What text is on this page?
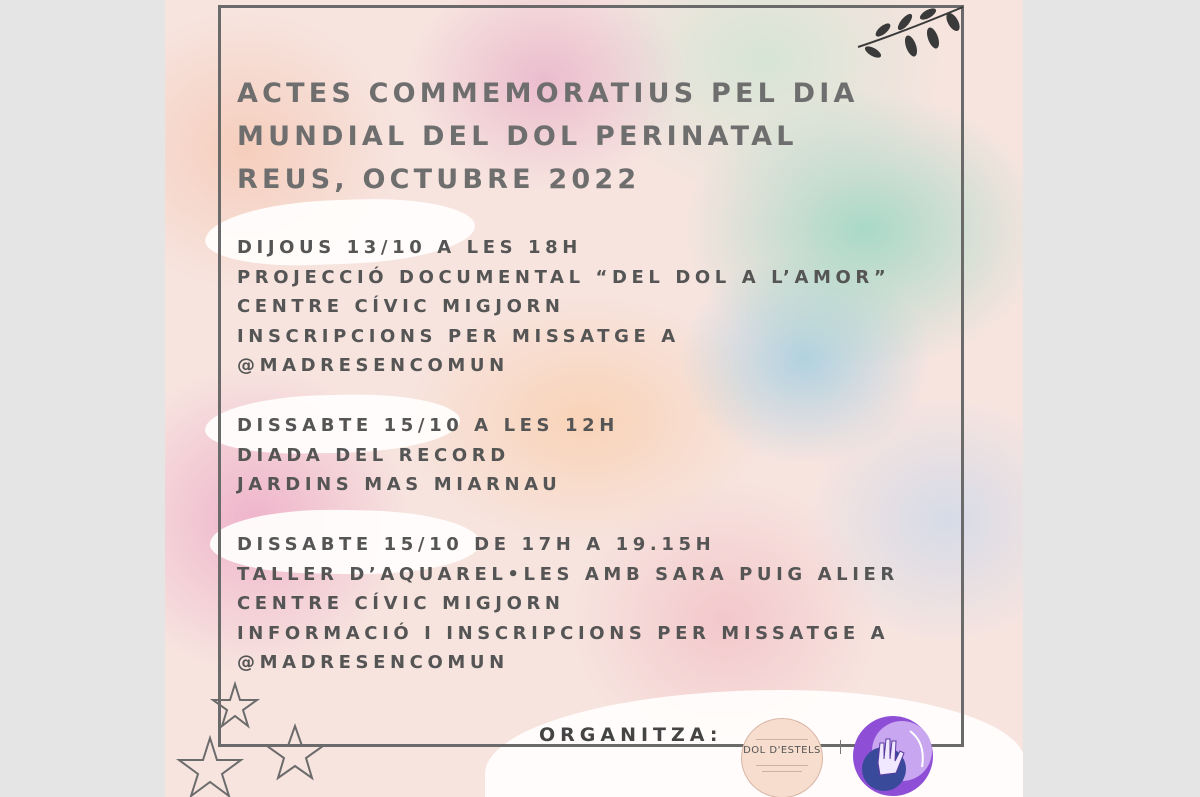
ACTES COMMEMORATIUS PEL DIA
MUNDIAL DEL DOL PERINATAL
REUS, OCTUBRE 2022
DIJOUS 13/10 A LES 18H
PROJECCIÓ DOCUMENTAL “DEL DOL A L’AMOR”
CENTRE CÍVIC MIGJORN
INSCRIPCIONS PER MISSATGE A
@MADRESENCOMUN
DISSABTE 15/10 A LES 12H
DIADA DEL RECORD
JARDINS MAS MIARNAU
DISSABTE 15/10 DE 17H A 19.15H
TALLER D’AQUAREL•LES AMB SARA PUIG ALIER
CENTRE CÍVIC MIGJORN
INFORMACIÓ I INSCRIPCIONS PER MISSATGE A
@MADRESENCOMUN
ORGANITZA:
DOL D'ESTELS
